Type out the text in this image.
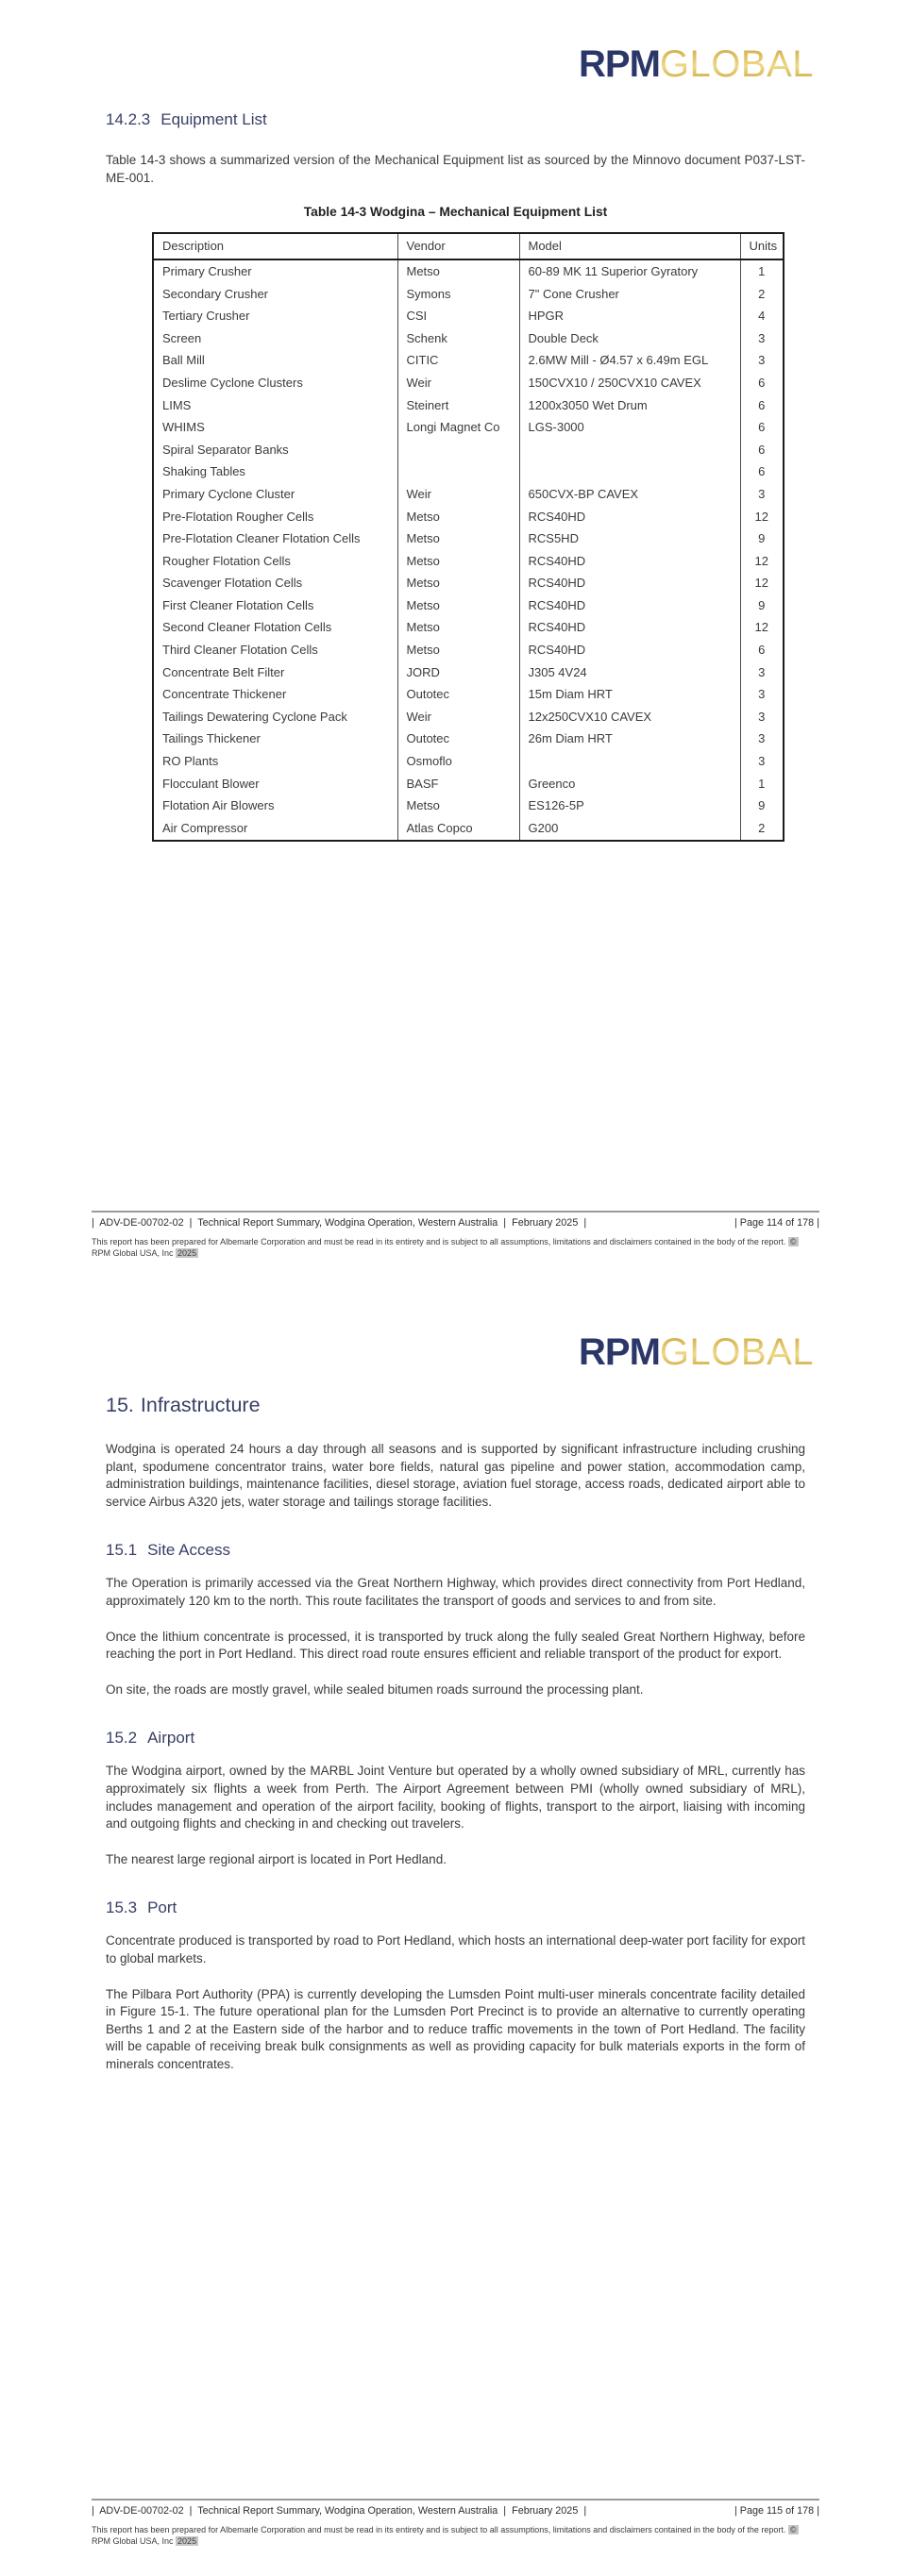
RPMGLOBAL
14.2.3 Equipment List

Table 14-3 shows a summarized version of the Mechanical Equipment list as sourced by the Minnovo document P037-LST-ME-001.

Table 14-3 Wodgina – Mechanical Equipment List
Description	Vendor	Model	Units
Primary Crusher	Metso	60-89 MK 11 Superior Gyratory	1
Secondary Crusher	Symons	7" Cone Crusher	2
Tertiary Crusher	CSI	HPGR	4
Screen	Schenk	Double Deck	3
Ball Mill	CITIC	2.6MW Mill - Ø4.57 x 6.49m EGL	3
Deslime Cyclone Clusters	Weir	150CVX10 / 250CVX10 CAVEX	6
LIMS	Steinert	1200x3050 Wet Drum	6
WHIMS	Longi Magnet Co	LGS-3000	6
Spiral Separator Banks			6
Shaking Tables			6
Primary Cyclone Cluster	Weir	650CVX-BP CAVEX	3
Pre-Flotation Rougher Cells	Metso	RCS40HD	12
Pre-Flotation Cleaner Flotation Cells	Metso	RCS5HD	9
Rougher Flotation Cells	Metso	RCS40HD	12
Scavenger Flotation Cells	Metso	RCS40HD	12
First Cleaner Flotation Cells	Metso	RCS40HD	9
Second Cleaner Flotation Cells	Metso	RCS40HD	12
Third Cleaner Flotation Cells	Metso	RCS40HD	6
Concentrate Belt Filter	JORD	J305 4V24	3
Concentrate Thickener	Outotec	15m Diam HRT	3
Tailings Dewatering Cyclone Pack	Weir	12x250CVX10 CAVEX	3
Tailings Thickener	Outotec	26m Diam HRT	3
RO Plants	Osmoflo		3
Flocculant Blower	BASF	Greenco	1
Flotation Air Blowers	Metso	ES126-5P	9
Air Compressor	Atlas Copco	G200	2
|  ADV-DE-00702-02  |  Technical Report Summary, Wodgina Operation, Western Australia  |  February 2025  |	| Page 114 of 178 |

This report has been prepared for Albemarle Corporation and must be read in its entirety and is subject to all assumptions, limitations and disclaimers contained in the body of the report. © RPM Global USA, Inc 2025

RPMGLOBAL
15. Infrastructure

Wodgina is operated 24 hours a day through all seasons and is supported by significant infrastructure including crushing plant, spodumene concentrator trains, water bore fields, natural gas pipeline and power station, accommodation camp, administration buildings, maintenance facilities, diesel storage, aviation fuel storage, access roads, dedicated airport able to service Airbus A320 jets, water storage and tailings storage facilities.

15.1 Site Access

The Operation is primarily accessed via the Great Northern Highway, which provides direct connectivity from Port Hedland, approximately 120 km to the north. This route facilitates the transport of goods and services to and from site.

Once the lithium concentrate is processed, it is transported by truck along the fully sealed Great Northern Highway, before reaching the port in Port Hedland. This direct road route ensures efficient and reliable transport of the product for export.

On site, the roads are mostly gravel, while sealed bitumen roads surround the processing plant.

15.2 Airport

The Wodgina airport, owned by the MARBL Joint Venture but operated by a wholly owned subsidiary of MRL, currently has approximately six flights a week from Perth. The Airport Agreement between PMI (wholly owned subsidiary of MRL), includes management and operation of the airport facility, booking of flights, transport to the airport, liaising with incoming and outgoing flights and checking in and checking out travelers.

The nearest large regional airport is located in Port Hedland.

15.3 Port

Concentrate produced is transported by road to Port Hedland, which hosts an international deep-water port facility for export to global markets.

The Pilbara Port Authority (PPA) is currently developing the Lumsden Point multi-user minerals concentrate facility detailed in Figure 15-1. The future operational plan for the Lumsden Port Precinct is to provide an alternative to currently operating Berths 1 and 2 at the Eastern side of the harbor and to reduce traffic movements in the town of Port Hedland. The facility will be capable of receiving break bulk consignments as well as providing capacity for bulk materials exports in the form of minerals concentrates.

|  ADV-DE-00702-02  |  Technical Report Summary, Wodgina Operation, Western Australia  |  February 2025  |	| Page 115 of 178 |

This report has been prepared for Albemarle Corporation and must be read in its entirety and is subject to all assumptions, limitations and disclaimers contained in the body of the report. © RPM Global USA, Inc 2025
